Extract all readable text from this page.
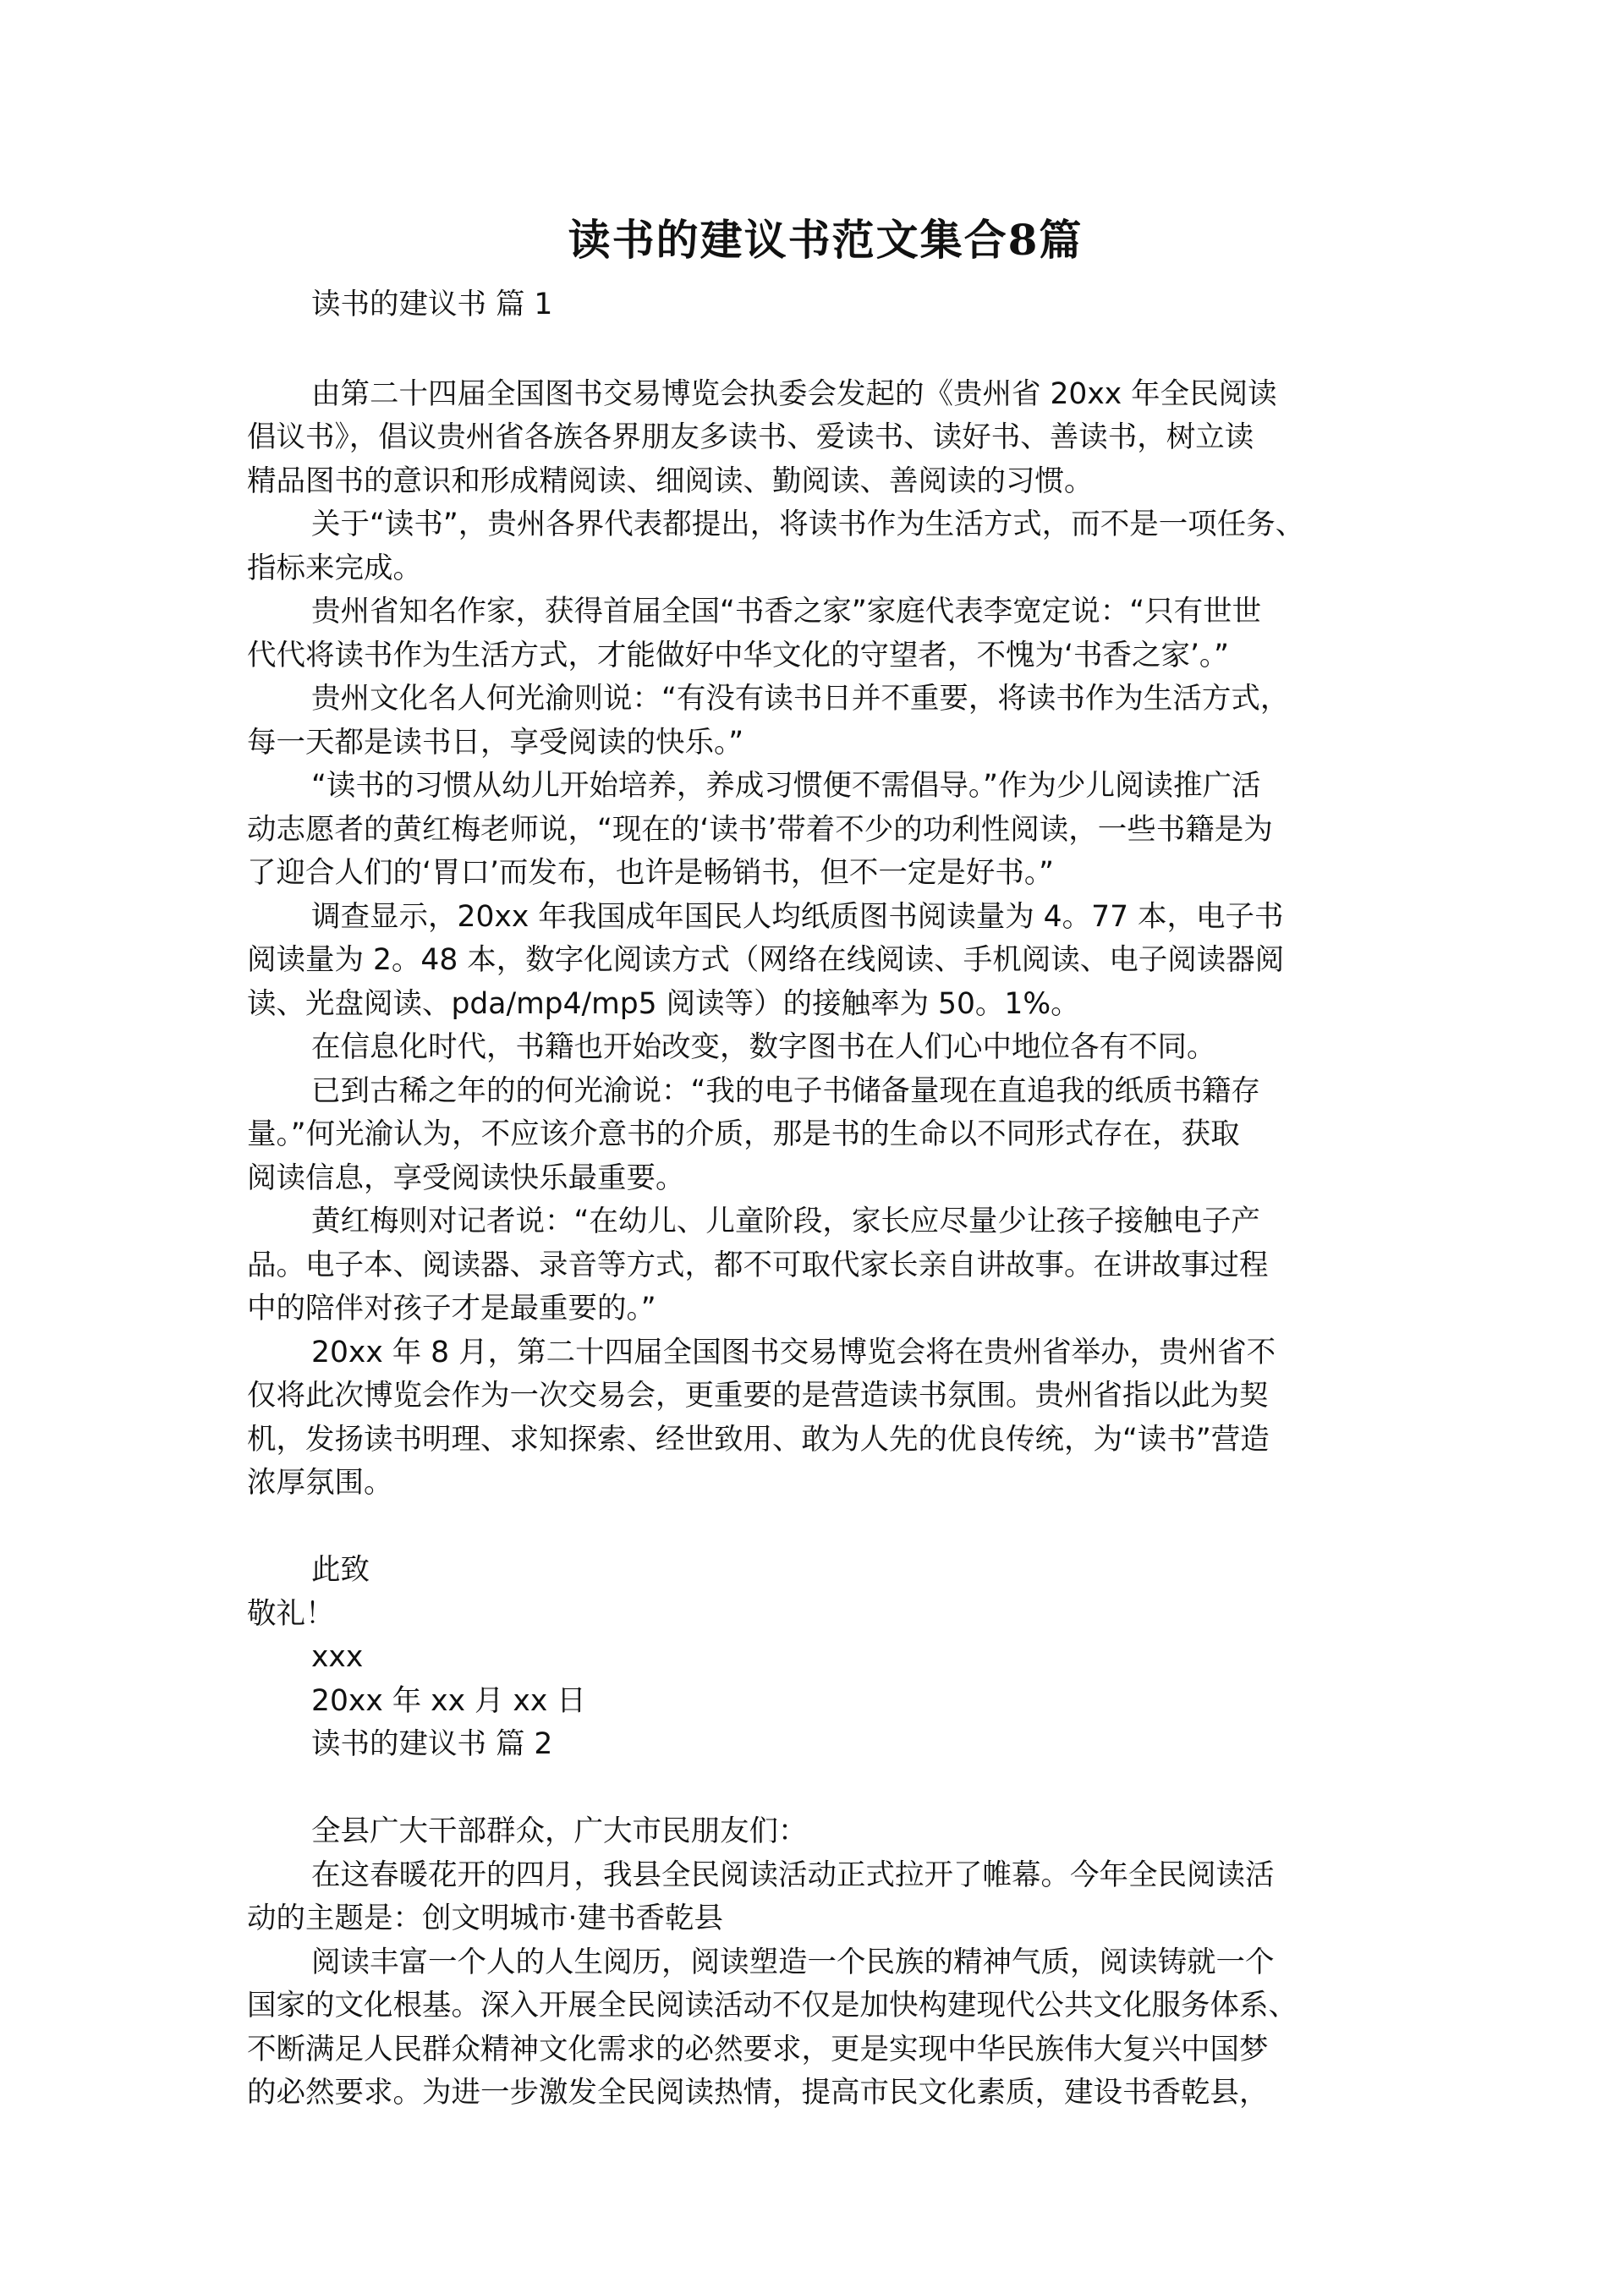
读书的建议书范文集合8篇

读书的建议书 篇 1

由第二十四届全国图书交易博览会执委会发起的《贵州省 20xx 年全民阅读

倡议书》，倡议贵州省各族各界朋友多读书、爱读书、读好书、善读书，树立读

精品图书的意识和形成精阅读、细阅读、勤阅读、善阅读的习惯。

关于“读书”，贵州各界代表都提出，将读书作为生活方式，而不是一项任务、

指标来完成。

贵州省知名作家，获得首届全国“书香之家”家庭代表李宽定说：“只有世世

代代将读书作为生活方式，才能做好中华文化的守望者，不愧为‘书香之家’。”

贵州文化名人何光渝则说：“有没有读书日并不重要，将读书作为生活方式，

每一天都是读书日，享受阅读的快乐。”

“读书的习惯从幼儿开始培养，养成习惯便不需倡导。”作为少儿阅读推广活

动志愿者的黄红梅老师说，“现在的‘读书’带着不少的功利性阅读，一些书籍是为

了迎合人们的‘胃口’而发布，也许是畅销书，但不一定是好书。”

调查显示，20xx 年我国成年国民人均纸质图书阅读量为 4。77 本，电子书

阅读量为 2。48 本，数字化阅读方式（网络在线阅读、手机阅读、电子阅读器阅

读、光盘阅读、pda/mp4/mp5 阅读等）的接触率为 50。1%。

在信息化时代，书籍也开始改变，数字图书在人们心中地位各有不同。

已到古稀之年的的何光渝说：“我的电子书储备量现在直追我的纸质书籍存

量。”何光渝认为，不应该介意书的介质，那是书的生命以不同形式存在，获取

阅读信息，享受阅读快乐最重要。

黄红梅则对记者说：“在幼儿、儿童阶段，家长应尽量少让孩子接触电子产

品。电子本、阅读器、录音等方式，都不可取代家长亲自讲故事。在讲故事过程

中的陪伴对孩子才是最重要的。”

20xx 年 8 月，第二十四届全国图书交易博览会将在贵州省举办，贵州省不

仅将此次博览会作为一次交易会，更重要的是营造读书氛围。贵州省指以此为契

机，发扬读书明理、求知探索、经世致用、敢为人先的优良传统，为“读书”营造

浓厚氛围。

此致

敬礼！

xxx

20xx 年 xx 月 xx 日

读书的建议书 篇 2

全县广大干部群众，广大市民朋友们：

在这春暖花开的四月，我县全民阅读活动正式拉开了帷幕。今年全民阅读活

动的主题是：创文明城市·建书香乾县

阅读丰富一个人的人生阅历，阅读塑造一个民族的精神气质，阅读铸就一个

国家的文化根基。深入开展全民阅读活动不仅是加快构建现代公共文化服务体系、

不断满足人民群众精神文化需求的必然要求，更是实现中华民族伟大复兴中国梦

的必然要求。为进一步激发全民阅读热情，提高市民文化素质，建设书香乾县，
